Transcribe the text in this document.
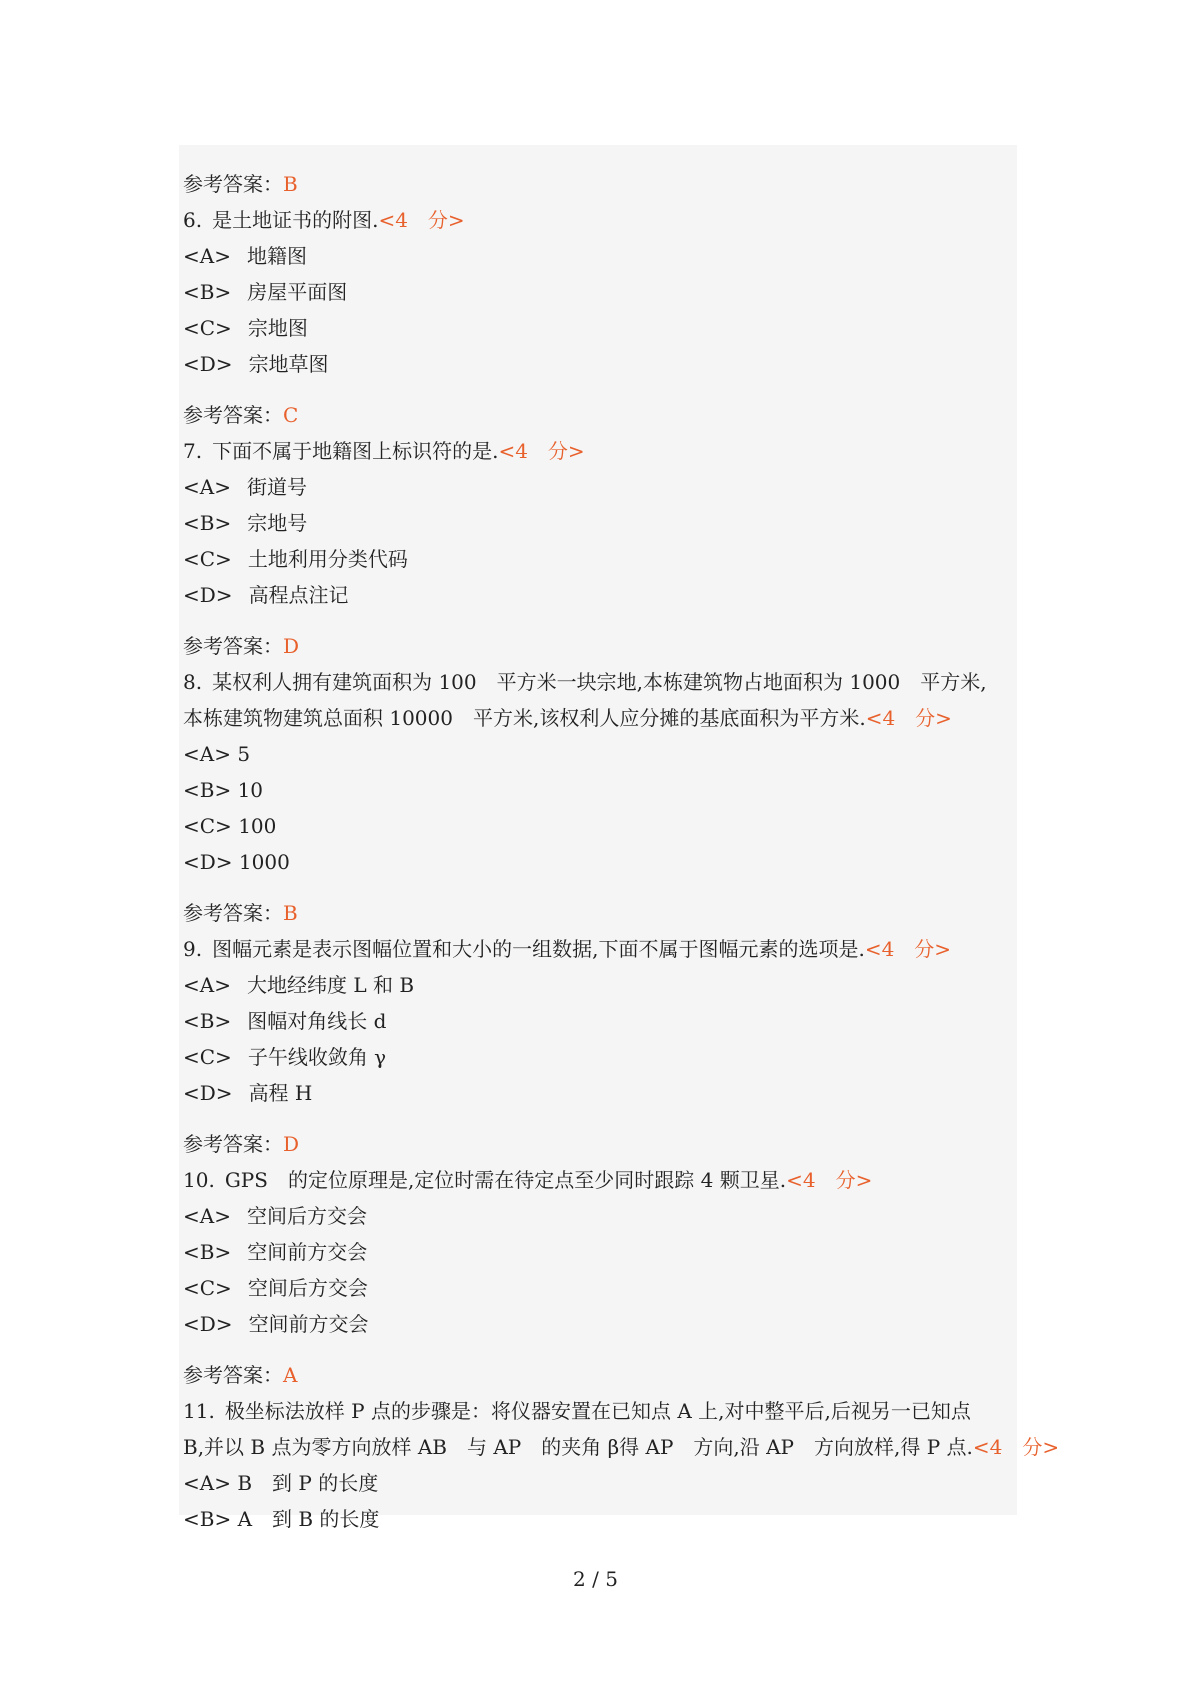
参考答案：B
6. 是土地证书的附图.<4　分>
<A> 地籍图
<B> 房屋平面图
<C> 宗地图
<D> 宗地草图
参考答案：C
7. 下面不属于地籍图上标识符的是.<4　分>
<A> 街道号
<B> 宗地号
<C> 土地利用分类代码
<D> 高程点注记
参考答案：D
8. 某权利人拥有建筑面积为 100　平方米一块宗地,本栋建筑物占地面积为 1000　平方米,
本栋建筑物建筑总面积 10000　平方米,该权利人应分摊的基底面积为平方米.<4　分>
<A> 5
<B> 10
<C> 100
<D> 1000
参考答案：B
9. 图幅元素是表示图幅位置和大小的一组数据,下面不属于图幅元素的选项是.<4　分>
<A> 大地经纬度 L 和 B
<B> 图幅对角线长 d
<C> 子午线收敛角 γ
<D> 高程 H
参考答案：D
10. GPS　的定位原理是,定位时需在待定点至少同时跟踪 4 颗卫星.<4　分>
<A> 空间后方交会
<B> 空间前方交会
<C> 空间后方交会
<D> 空间前方交会
参考答案：A
11. 极坐标法放样 P 点的步骤是：将仪器安置在已知点 A 上,对中整平后,后视另一已知点
B,并以 B 点为零方向放样 AB　与 AP　的夹角 β得 AP　方向,沿 AP　方向放样,得 P 点.<4　分>
<A> B　到 P 的长度
<B> A　到 B 的长度
2 / 5
